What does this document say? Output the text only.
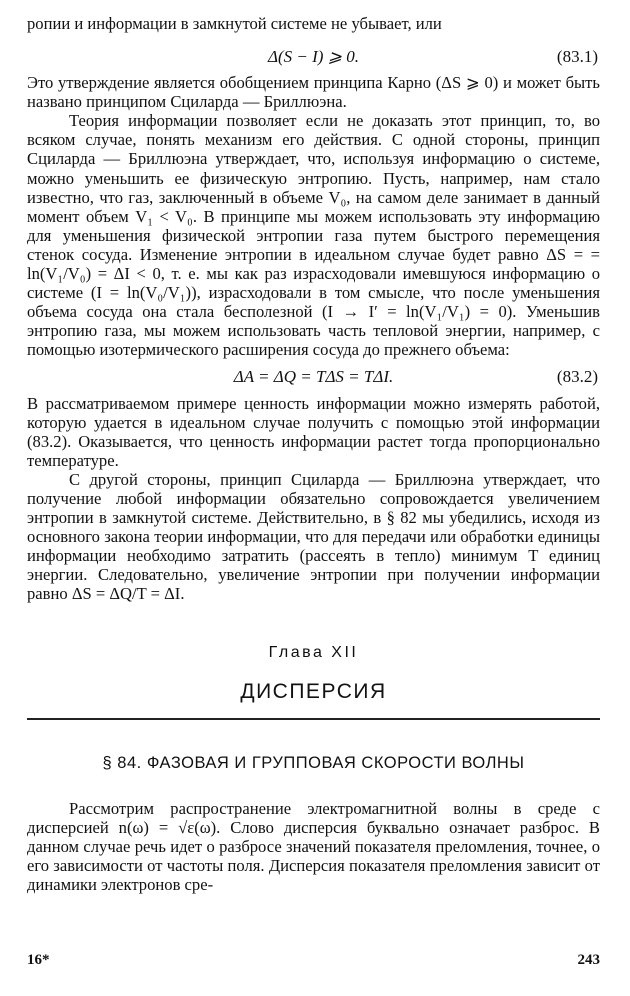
ропии и информации в замкнутой системе не убывает, или

Δ(S − I) ⩾ 0.	(83.1)

Это утверждение является обобщением принципа Карно (ΔS ⩾ 0) и может быть названо принципом Сциларда — Бриллюэна.

Теория информации позволяет если не доказать этот принцип, то, во всяком случае, понять механизм его действия. С одной стороны, принцип Сциларда — Бриллюэна утверждает, что, используя информацию о системе, можно уменьшить ее физическую энтропию. Пусть, например, нам стало известно, что газ, заключенный в объеме V₀, на самом деле занимает в данный момент объем V₁ < V₀. В принципе мы можем использовать эту информацию для уменьшения физической энтропии газа путем быстрого перемещения стенок сосуда. Изменение энтропии в идеальном случае будет равно ΔS = = ln(V₁/V₀) = ΔI < 0, т. е. мы как раз израсходовали имевшуюся информацию о системе (I = ln(V₀/V₁)), израсходовали в том смысле, что после уменьшения объема сосуда она стала бесполезной (I → I′ = ln(V₁/V₁) = 0). Уменьшив энтропию газа, мы можем использовать часть тепловой энергии, например, с помощью изотермического расширения сосуда до прежнего объема:

ΔA = ΔQ = TΔS = TΔI.	(83.2)

В рассматриваемом примере ценность информации можно измерять работой, которую удается в идеальном случае получить с помощью этой информации (83.2). Оказывается, что ценность информации растет тогда пропорционально температуре.

С другой стороны, принцип Сциларда — Бриллюэна утверждает, что получение любой информации обязательно сопровождается увеличением энтропии в замкнутой системе. Действительно, в § 82 мы убедились, исходя из основного закона теории информации, что для передачи или обработки единицы информации необходимо затратить (рассеять в тепло) минимум T единиц энергии. Следовательно, увеличение энтропии при получении информации равно ΔS = ΔQ/T = ΔI.

Глава XII
ДИСПЕРСИЯ
§ 84. ФАЗОВАЯ И ГРУППОВАЯ СКОРОСТИ ВОЛНЫ

Рассмотрим распространение электромагнитной волны в среде с дисперсией n(ω) = √ε(ω). Слово дисперсия буквально означает разброс. В данном случае речь идет о разбросе значений показателя преломления, точнее, о его зависимости от частоты поля. Дисперсия показателя преломления зависит от динамики электронов сре-

16*	243
